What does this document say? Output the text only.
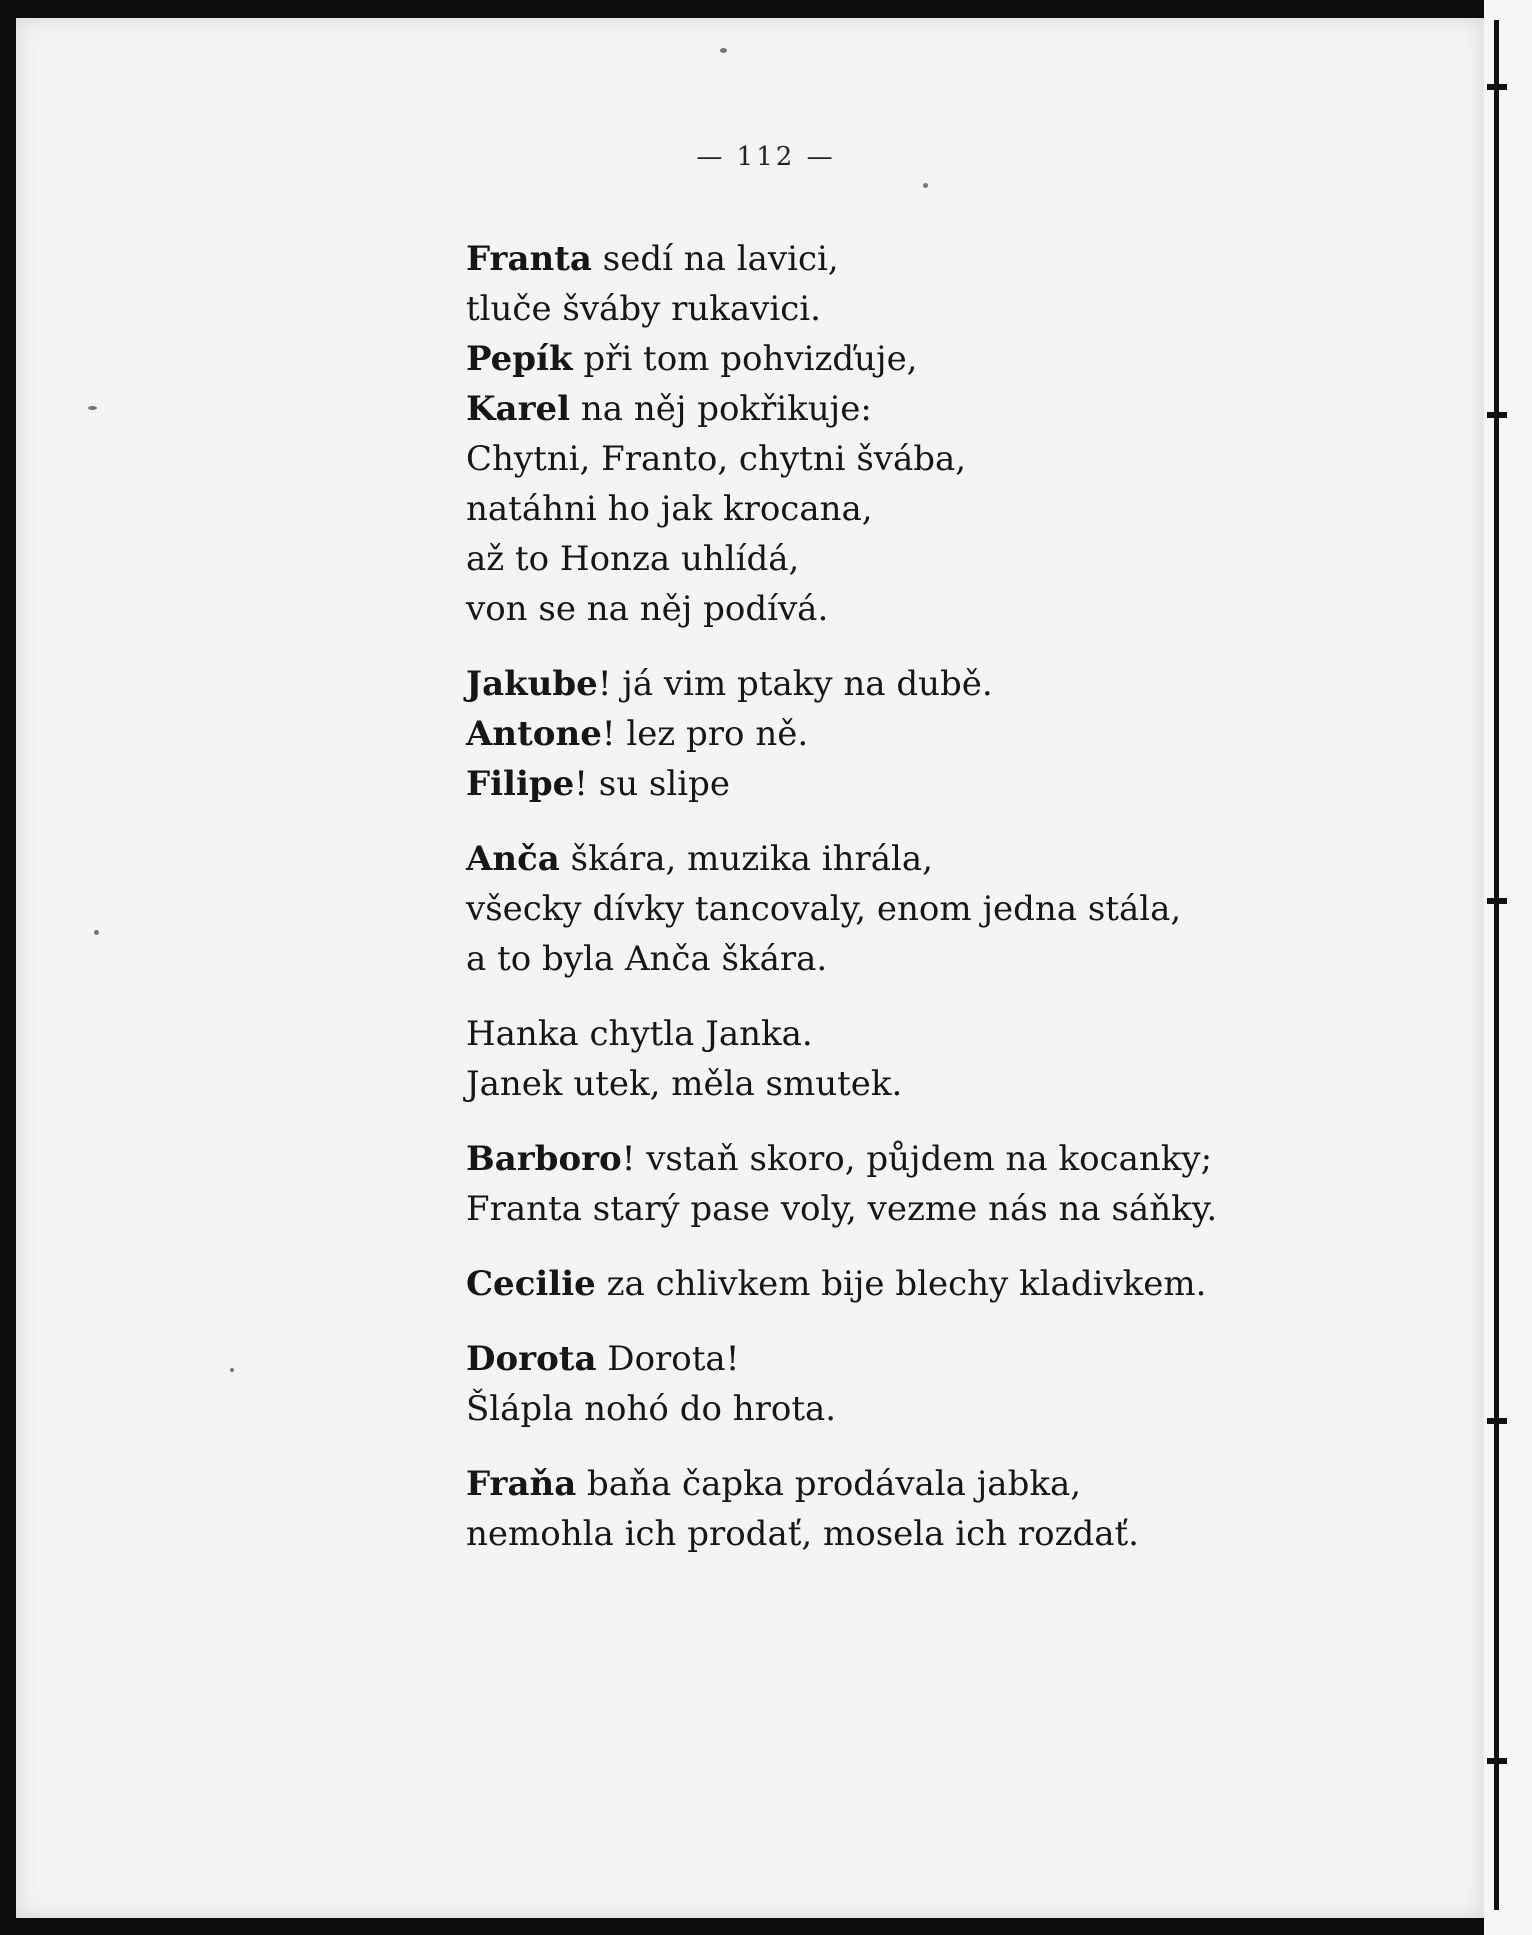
— 112 —
Franta sedí na lavici,
tluče šváby rukavici.
Pepík při tom pohvizďuje,
Karel na něj pokřikuje:
Chytni, Franto, chytni švába,
natáhni ho jak krocana,
až to Honza uhlídá,
von se na něj podívá.
Jakube! já vim ptaky na dubě.
Antone! lez pro ně.
Filipe! su slipe
Anča škára, muzika ihrála,
všecky dívky tancovaly, enom jedna stála,
a to byla Anča škára.
Hanka chytla Janka.
Janek utek, měla smutek.
Barboro! vstaň skoro, půjdem na kocanky;
Franta starý pase voly, vezme nás na sáňky.
Cecilie za chlivkem bije blechy kladivkem.
Dorota Dorota!
Šlápla nohó do hrota.
Fraňa baňa čapka prodávala jabka,
nemohla ich prodať, mosela ich rozdať.
